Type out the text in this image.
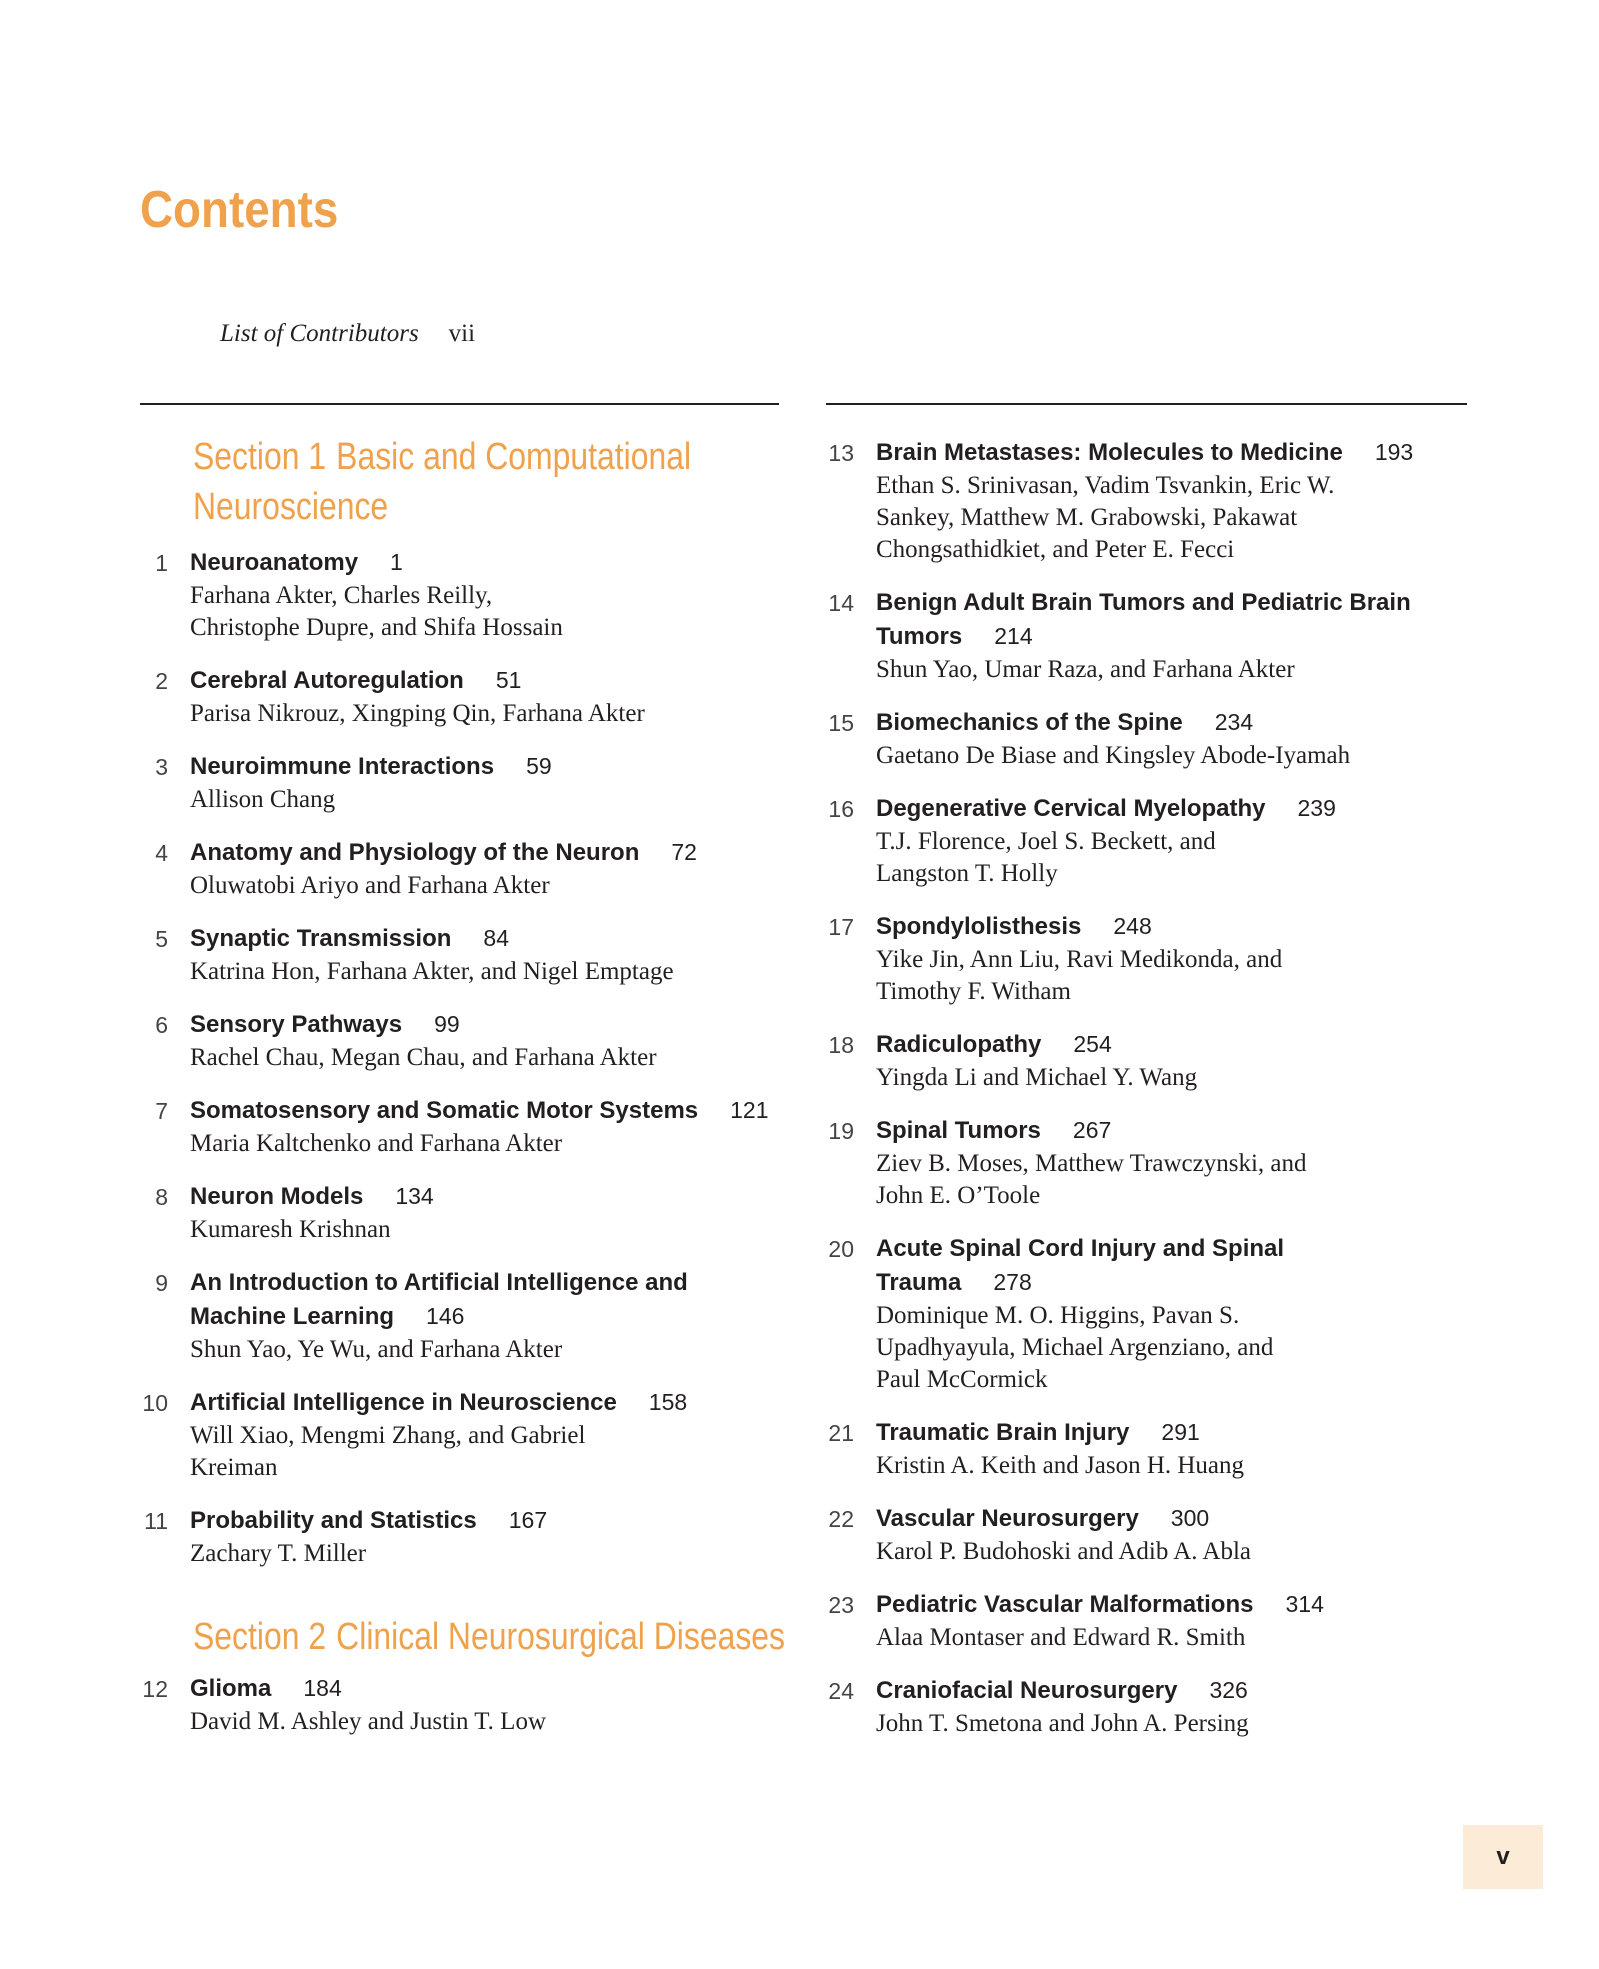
Contents
List of Contributors vii
Section 1 Basic and Computational Neuroscience
1 Neuroanatomy 1
Farhana Akter, Charles Reilly, Christophe Dupre, and Shifa Hossain
2 Cerebral Autoregulation 51
Parisa Nikrouz, Xingping Qin, Farhana Akter
3 Neuroimmune Interactions 59
Allison Chang
4 Anatomy and Physiology of the Neuron 72
Oluwatobi Ariyo and Farhana Akter
5 Synaptic Transmission 84
Katrina Hon, Farhana Akter, and Nigel Emptage
6 Sensory Pathways 99
Rachel Chau, Megan Chau, and Farhana Akter
7 Somatosensory and Somatic Motor Systems 121
Maria Kaltchenko and Farhana Akter
8 Neuron Models 134
Kumaresh Krishnan
9 An Introduction to Artificial Intelligence and Machine Learning 146
Shun Yao, Ye Wu, and Farhana Akter
10 Artificial Intelligence in Neuroscience 158
Will Xiao, Mengmi Zhang, and Gabriel Kreiman
11 Probability and Statistics 167
Zachary T. Miller
Section 2 Clinical Neurosurgical Diseases
12 Glioma 184
David M. Ashley and Justin T. Low
13 Brain Metastases: Molecules to Medicine 193
Ethan S. Srinivasan, Vadim Tsvankin, Eric W. Sankey, Matthew M. Grabowski, Pakawat Chongsathidkiet, and Peter E. Fecci
14 Benign Adult Brain Tumors and Pediatric Brain Tumors 214
Shun Yao, Umar Raza, and Farhana Akter
15 Biomechanics of the Spine 234
Gaetano De Biase and Kingsley Abode-Iyamah
16 Degenerative Cervical Myelopathy 239
T.J. Florence, Joel S. Beckett, and Langston T. Holly
17 Spondylolisthesis 248
Yike Jin, Ann Liu, Ravi Medikonda, and Timothy F. Witham
18 Radiculopathy 254
Yingda Li and Michael Y. Wang
19 Spinal Tumors 267
Ziev B. Moses, Matthew Trawczynski, and John E. O’Toole
20 Acute Spinal Cord Injury and Spinal Trauma 278
Dominique M. O. Higgins, Pavan S. Upadhyayula, Michael Argenziano, and Paul McCormick
21 Traumatic Brain Injury 291
Kristin A. Keith and Jason H. Huang
22 Vascular Neurosurgery 300
Karol P. Budohoski and Adib A. Abla
23 Pediatric Vascular Malformations 314
Alaa Montaser and Edward R. Smith
24 Craniofacial Neurosurgery 326
John T. Smetona and John A. Persing
v
